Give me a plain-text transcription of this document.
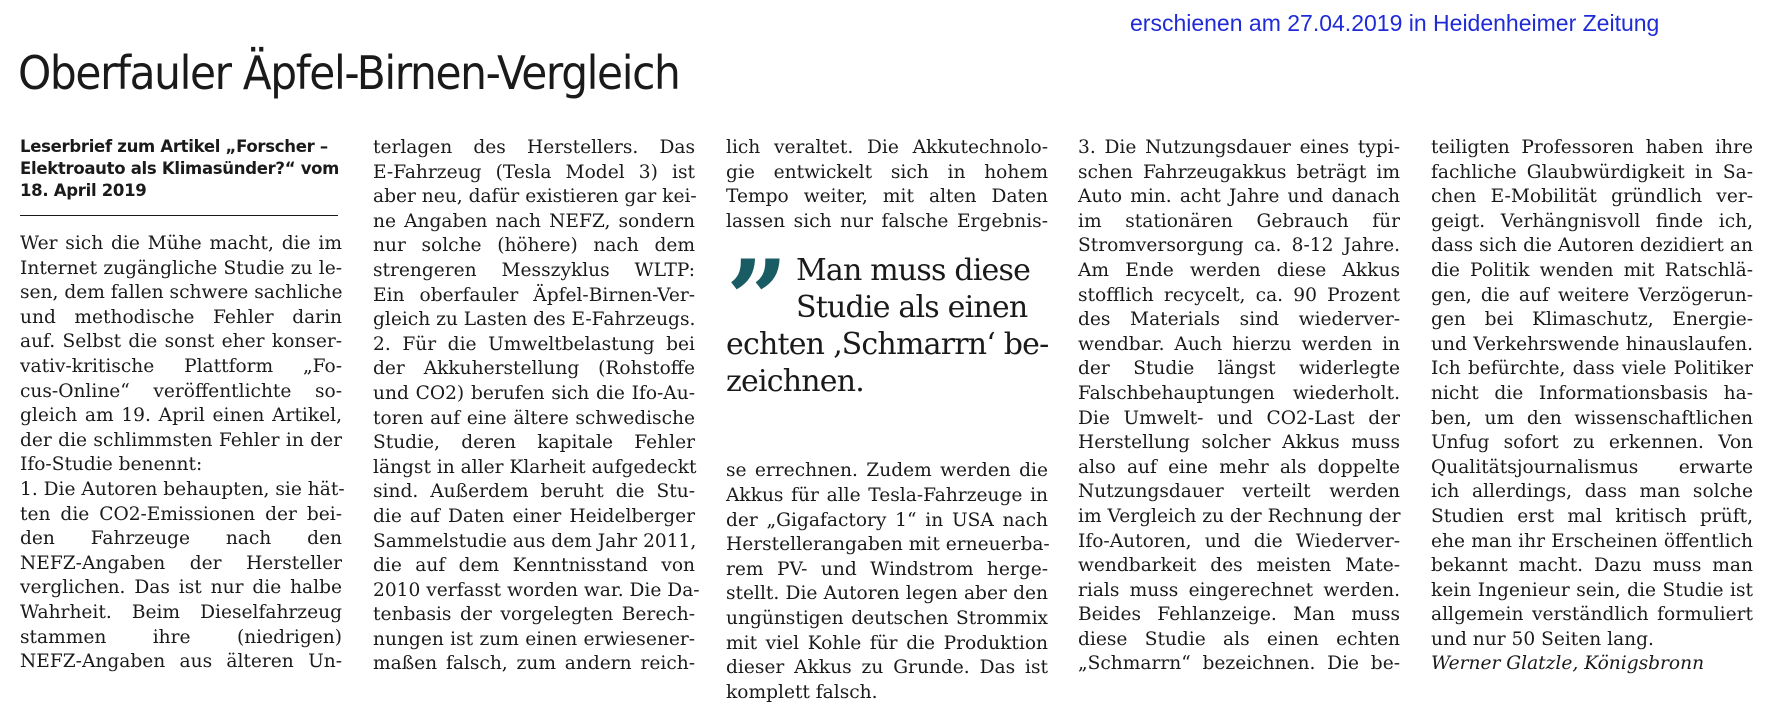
erschienen am 27.04.2019 in Heidenheimer Zeitung
Oberfauler Äpfel-Birnen-Vergleich
Leserbrief zum Artikel „Forscher –
Elektroauto als Klimasünder?“ vom
18. April 2019
Wer sich die Mühe macht, die im
Internet zugängliche Studie zu le-
sen, dem fallen schwere sachliche
und methodische Fehler darin
auf. Selbst die sonst eher konser-
vativ-kritische Plattform „Fo-
cus-Online“ veröffentlichte so-
gleich am 19. April einen Artikel,
der die schlimmsten Fehler in der
Ifo-Studie benennt:
1. Die Autoren behaupten, sie hät-
ten die CO2-Emissionen der bei-
den Fahrzeuge nach den
NEFZ-Angaben der Hersteller
verglichen. Das ist nur die halbe
Wahrheit. Beim Dieselfahrzeug
stammen ihre (niedrigen)
NEFZ-Angaben aus älteren Un-
terlagen des Herstellers. Das
E-Fahrzeug (Tesla Model 3) ist
aber neu, dafür existieren gar kei-
ne Angaben nach NEFZ, sondern
nur solche (höhere) nach dem
strengeren Messzyklus WLTP:
Ein oberfauler Äpfel-Birnen-Ver-
gleich zu Lasten des E-Fahrzeugs.
2. Für die Umweltbelastung bei
der Akkuherstellung (Rohstoffe
und CO2) berufen sich die Ifo-Au-
toren auf eine ältere schwedische
Studie, deren kapitale Fehler
längst in aller Klarheit aufgedeckt
sind. Außerdem beruht die Stu-
die auf Daten einer Heidelberger
Sammelstudie aus dem Jahr 2011,
die auf dem Kenntnisstand von
2010 verfasst worden war. Die Da-
tenbasis der vorgelegten Berech-
nungen ist zum einen erwiesener-
maßen falsch, zum andern reich-
lich veraltet. Die Akkutechnolo-
gie entwickelt sich in hohem
Tempo weiter, mit alten Daten
lassen sich nur falsche Ergebnis-
” Man muss diese
Studie als einen
echten ‚Schmarrn‘ be-
zeichnen.
se errechnen. Zudem werden die
Akkus für alle Tesla-Fahrzeuge in
der „Gigafactory 1“ in USA nach
Herstellerangaben mit erneuerba-
rem PV- und Windstrom herge-
stellt. Die Autoren legen aber den
ungünstigen deutschen Strommix
mit viel Kohle für die Produktion
dieser Akkus zu Grunde. Das ist
komplett falsch.
3. Die Nutzungsdauer eines typi-
schen Fahrzeugakkus beträgt im
Auto min. acht Jahre und danach
im stationären Gebrauch für
Stromversorgung ca. 8-12 Jahre.
Am Ende werden diese Akkus
stofflich recycelt, ca. 90 Prozent
des Materials sind wiederver-
wendbar. Auch hierzu werden in
der Studie längst widerlegte
Falschbehauptungen wiederholt.
Die Umwelt- und CO2-Last der
Herstellung solcher Akkus muss
also auf eine mehr als doppelte
Nutzungsdauer verteilt werden
im Vergleich zu der Rechnung der
Ifo-Autoren, und die Wiederver-
wendbarkeit des meisten Mate-
rials muss eingerechnet werden.
Beides Fehlanzeige. Man muss
diese Studie als einen echten
„Schmarrn“ bezeichnen. Die be-
teiligten Professoren haben ihre
fachliche Glaubwürdigkeit in Sa-
chen E-Mobilität gründlich ver-
geigt. Verhängnisvoll finde ich,
dass sich die Autoren dezidiert an
die Politik wenden mit Ratschlä-
gen, die auf weitere Verzögerun-
gen bei Klimaschutz, Energie-
und Verkehrswende hinauslaufen.
Ich befürchte, dass viele Politiker
nicht die Informationsbasis ha-
ben, um den wissenschaftlichen
Unfug sofort zu erkennen. Von
Qualitätsjournalismus erwarte
ich allerdings, dass man solche
Studien erst mal kritisch prüft,
ehe man ihr Erscheinen öffentlich
bekannt macht. Dazu muss man
kein Ingenieur sein, die Studie ist
allgemein verständlich formuliert
und nur 50 Seiten lang.
Werner Glatzle, Königsbronn
